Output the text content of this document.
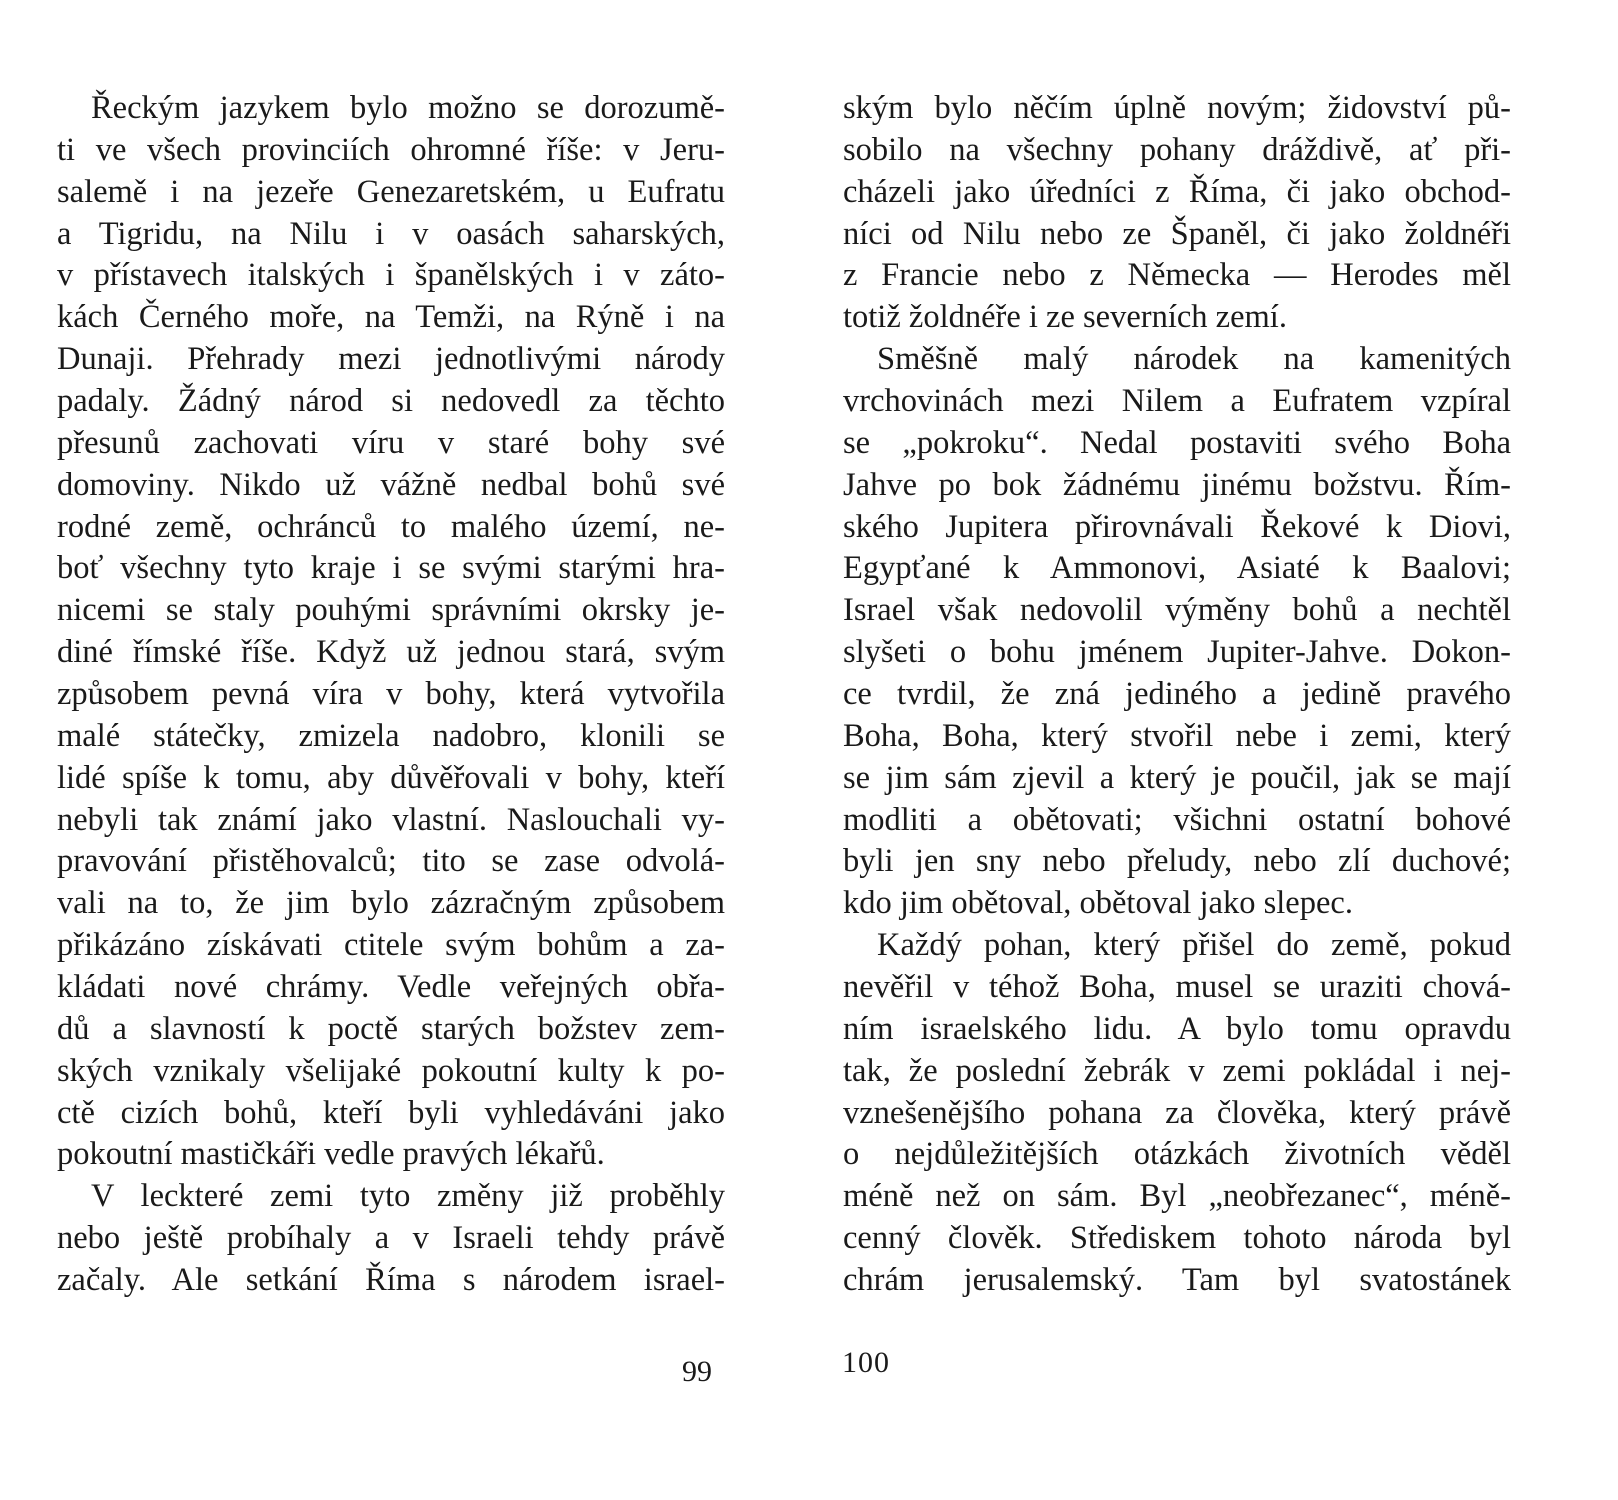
Řeckým jazykem bylo možno se dorozumě-
ti ve všech provinciích ohromné říše: v Jeru-
salemě i na jezeře Genezaretském, u Eufratu
a Tigridu, na Nilu i v oasách saharských,
v přístavech italských i španělských i v záto-
kách Černého moře, na Temži, na Rýně i na
Dunaji. Přehrady mezi jednotlivými národy
padaly. Žádný národ si nedovedl za těchto
přesunů zachovati víru v staré bohy své
domoviny. Nikdo už vážně nedbal bohů své
rodné země, ochránců to malého území, ne-
boť všechny tyto kraje i se svými starými hra-
nicemi se staly pouhými správními okrsky je-
diné římské říše. Když už jednou stará, svým
způsobem pevná víra v bohy, která vytvořila
malé státečky, zmizela nadobro, klonili se
lidé spíše k tomu, aby důvěřovali v bohy, kteří
nebyli tak známí jako vlastní. Naslouchali vy-
pravování přistěhovalců; tito se zase odvolá-
vali na to, že jim bylo zázračným způsobem
přikázáno získávati ctitele svým bohům a za-
kládati nové chrámy. Vedle veřejných obřa-
dů a slavností k poctě starých božstev zem-
ských vznikaly všelijaké pokoutní kulty k po-
ctě cizích bohů, kteří byli vyhledáváni jako
pokoutní mastičkáři vedle pravých lékařů.
V leckteré zemi tyto změny již proběhly
nebo ještě probíhaly a v Israeli tehdy právě
začaly. Ale setkání Říma s národem israel-
ským bylo něčím úplně novým; židovství pů-
sobilo na všechny pohany dráždivě, ať při-
cházeli jako úředníci z Říma, či jako obchod-
níci od Nilu nebo ze Španěl, či jako žoldnéři
z Francie nebo z Německa — Herodes měl
totiž žoldnéře i ze severních zemí.
Směšně malý národek na kamenitých
vrchovinách mezi Nilem a Eufratem vzpíral
se „pokroku“. Nedal postaviti svého Boha
Jahve po bok žádnému jinému božstvu. Řím-
ského Jupitera přirovnávali Řekové k Diovi,
Egypťané k Ammonovi, Asiaté k Baalovi;
Israel však nedovolil výměny bohů a nechtěl
slyšeti o bohu jménem Jupiter-Jahve. Dokon-
ce tvrdil, že zná jediného a jedině pravého
Boha, Boha, který stvořil nebe i zemi, který
se jim sám zjevil a který je poučil, jak se mají
modliti a obětovati; všichni ostatní bohové
byli jen sny nebo přeludy, nebo zlí duchové;
kdo jim obětoval, obětoval jako slepec.
Každý pohan, který přišel do země, pokud
nevěřil v téhož Boha, musel se uraziti chová-
ním israelského lidu. A bylo tomu opravdu
tak, že poslední žebrák v zemi pokládal i nej-
vznešenějšího pohana za člověka, který právě
o nejdůležitějších otázkách životních věděl
méně než on sám. Byl „neobřezanec“, méně-
cenný člověk. Střediskem tohoto národa byl
chrám jerusalemský. Tam byl svatostánek
99	100
